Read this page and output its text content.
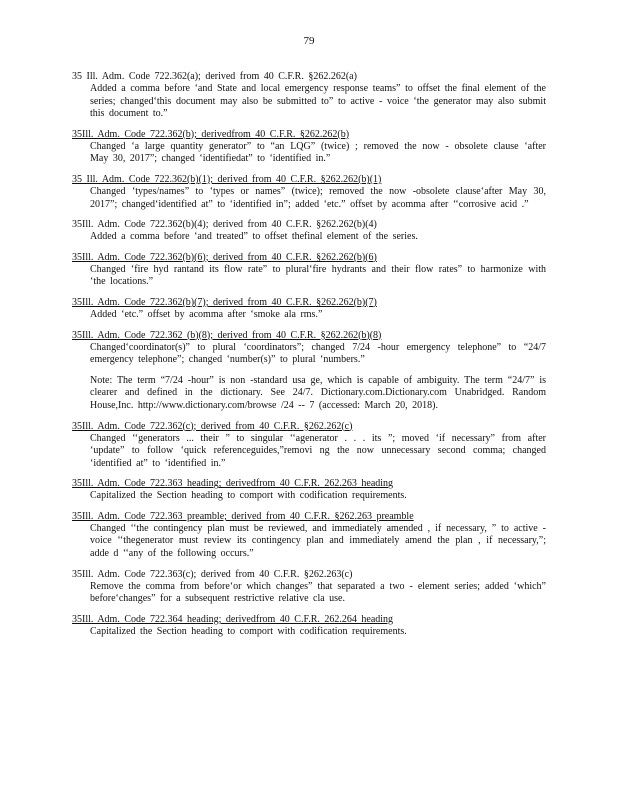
79
35 Ill. Adm. Code 722.362(a); derived from 40 C.F.R. §262.262(a)
Added a comma before ‘and State and local emergency response teams” to offset the final element of the series; changed‘this document may also be submitted to” to active - voice ‘the generator may also submit this document to.”
35Ill. Adm. Code 722.362(b); derivedfrom 40 C.F.R. §262.262(b)
Changed ‘a large quantity generator” to “an LQG” (twice) ; removed the now - obsolete clause ‘after May 30, 2017”; changed ‘identifiedat” to ‘identified in.”
35 Ill. Adm. Code 722.362(b)(1); derived from 40 C.F.R. §262.262(b)(1)
Changed ‘types/names” to ‘types or names” (twice); removed the now -obsolete clause‘after May 30, 2017”; changed‘identified at” to ‘identified in”; added ‘etc.” offset by acomma after ‘‘corrosive acid .”
35Ill. Adm. Code 722.362(b)(4); derived from 40 C.F.R. §262.262(b)(4)
Added a comma before ‘and treated” to offset thefinal element of the series.
35Ill. Adm. Code 722.362(b)(6); derived from 40 C.F.R. §262.262(b)(6)
Changed ‘fire hyd rantand its flow rate” to plural‘fire hydrants and their flow rates” to harmonize with ‘the locations.”
35Ill. Adm. Code 722.362(b)(7); derived from 40 C.F.R. §262.262(b)(7)
Added ‘etc.” offset by acomma after ‘smoke ala rms.”
35Ill. Adm. Code 722.362 (b)(8); derived from 40 C.F.R. §262.262(b)(8)
Changed‘coordinator(s)” to plural ‘coordinators”; changed 7/24 -hour emergency telephone” to “24/7 emergency telephone”; changed ‘number(s)” to plural ‘numbers.”
Note: The term “7/24 -hour” is non -standard usa ge, which is capable of ambiguity. The term “24/7” is clearer and defined in the dictionary. See 24/7. Dictionary.com.Dictionary.com Unabridged. Random House,Inc. http://www.dictionary.com/browse /24 -- 7 (accessed: March 20, 2018).
35Ill. Adm. Code 722.362(c); derived from 40 C.F.R. §262.262(c)
Changed ‘‘generators ... their ” to singular ‘‘agenerator . . . its ”; moved ‘if necessary” from after ‘update” to follow ‘quick referenceguides,”removi ng the now unnecessary second comma; changed ‘identified at” to ‘identified in.”
35Ill. Adm. Code 722.363 heading; derivedfrom 40 C.F.R. 262.263 heading
Capitalized the Section heading to comport with codification requirements.
35Ill. Adm. Code 722.363 preamble; derived from 40 C.F.R. §262.263 preamble
Changed ‘‘the contingency plan must be reviewed, and immediately amended , if necessary, ” to active -voice ‘‘thegenerator must review its contingency plan and immediately amend the plan , if necessary,”; adde d ‘‘any of the following occurs.”
35Ill. Adm. Code 722.363(c); derived from 40 C.F.R. §262.263(c)
Remove the comma from before‘or which changes” that separated a two - element series; added ‘which” before‘changes” for a subsequent restrictive relative cla use.
35Ill. Adm. Code 722.364 heading; derivedfrom 40 C.F.R. 262.264 heading
Capitalized the Section heading to comport with codification requirements.
